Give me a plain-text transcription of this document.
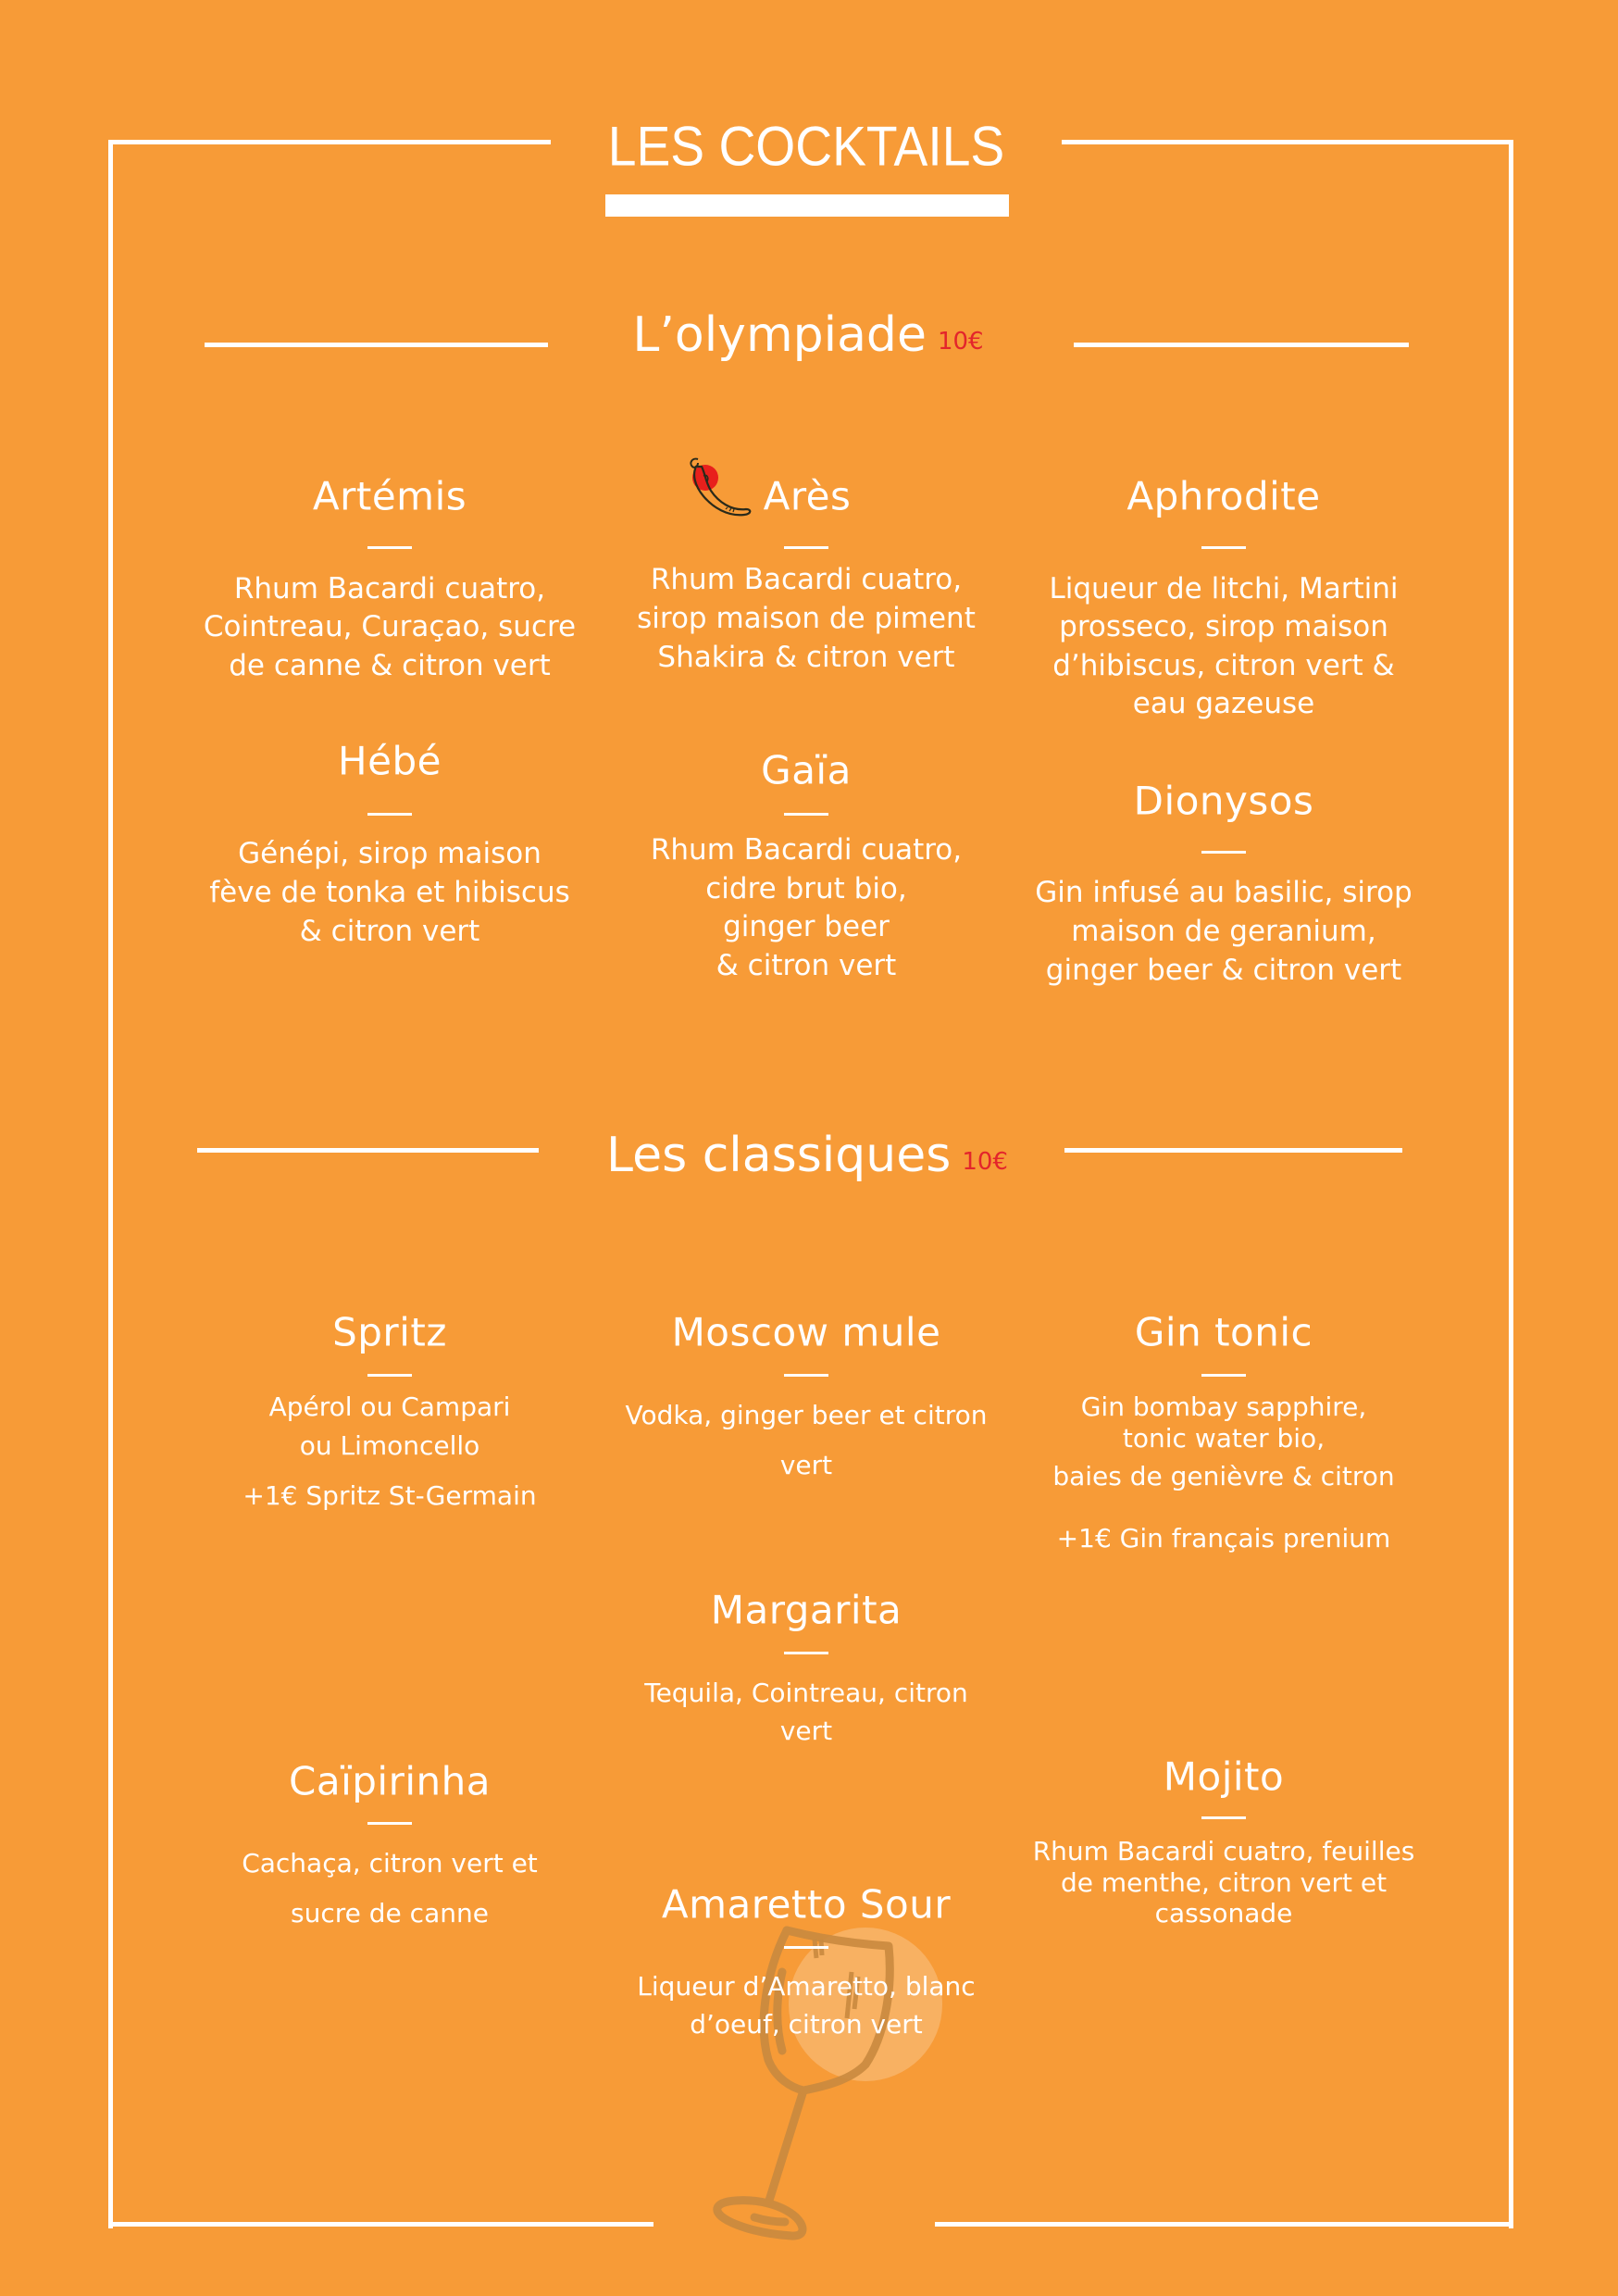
LES COCKTAILS
L’olympiade 10€
Artémis
Rhum Bacardi cuatro,
Cointreau, Curaçao, sucre
de canne & citron vert
Arès
Rhum Bacardi cuatro,
sirop maison de piment
Shakira & citron vert
Aphrodite
Liqueur de litchi, Martini
prosseco, sirop maison
d’hibiscus, citron vert &
eau gazeuse
Hébé
Génépi, sirop maison
fève de tonka et hibiscus
& citron vert
Gaïa
Rhum Bacardi cuatro,
cidre brut bio,
ginger beer
& citron vert
Dionysos
Gin infusé au basilic, sirop
maison de geranium,
ginger beer & citron vert
Les classiques 10€
Spritz
Apérol ou Campari
ou Limoncello
+1€ Spritz St-Germain
Moscow mule
Vodka, ginger beer et citron
vert
Gin tonic
Gin bombay sapphire,
tonic water bio,
baies de genièvre & citron
+1€ Gin français prenium
Margarita
Tequila, Cointreau, citron
vert
Caïpirinha
Cachaça, citron vert et
sucre de canne
Mojito
Rhum Bacardi cuatro, feuilles
de menthe, citron vert et
cassonade
Amaretto Sour
Liqueur d’Amaretto, blanc
d’oeuf, citron vert
